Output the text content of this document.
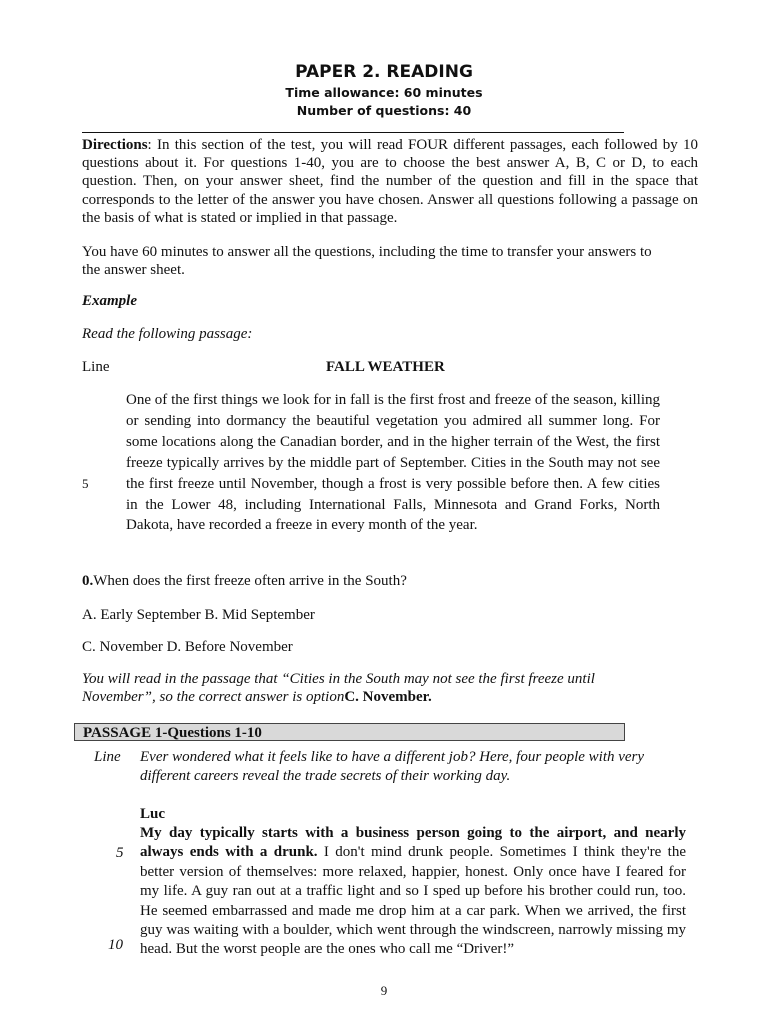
PAPER 2. READING
Time allowance: 60 minutes
Number of questions: 40
Directions: In this section of the test, you will read FOUR different passages, each followed by 10 questions about it. For questions 1-40, you are to choose the best answer A, B, C or D, to each question. Then, on your answer sheet, find the number of the question and fill in the space that corresponds to the letter of the answer you have chosen. Answer all questions following a passage on the basis of what is stated or implied in that passage.
You have 60 minutes to answer all the questions, including the time to transfer your answers to the answer sheet.
Example
Read the following passage:
Line	FALL WEATHER
5
One of the first things we look for in fall is the first frost and freeze of the season, killing or sending into dormancy the beautiful vegetation you admired all summer long. For some locations along the Canadian border, and in the higher terrain of the West, the first freeze typically arrives by the middle part of September. Cities in the South may not see the first freeze until November, though a frost is very possible before then. A few cities in the Lower 48, including International Falls, Minnesota and Grand Forks, North Dakota, have recorded a freeze in every month of the year.
0.When does the first freeze often arrive in the South?
A. Early September B. Mid September
C. November D. Before November
You will read in the passage that “Cities in the South may not see the first freeze until November”, so the correct answer is optionC. November.
PASSAGE 1-Questions 1-10
Line Ever wondered what it feels like to have a different job? Here, four people with very different careers reveal the trade secrets of their working day.
Luc
My day typically starts with a business person going to the airport, and nearly always ends with a drunk. I don't mind drunk people. Sometimes I think they're the better version of themselves: more relaxed, happier, honest. Only once have I feared for my life. A guy ran out at a traffic light and so I sped up before his brother could run, too. He seemed embarrassed and made me drop him at a car park. When we arrived, the first guy was waiting with a boulder, which went through the windscreen, narrowly missing my head. But the worst people are the ones who call me “Driver!”
5
10
9
